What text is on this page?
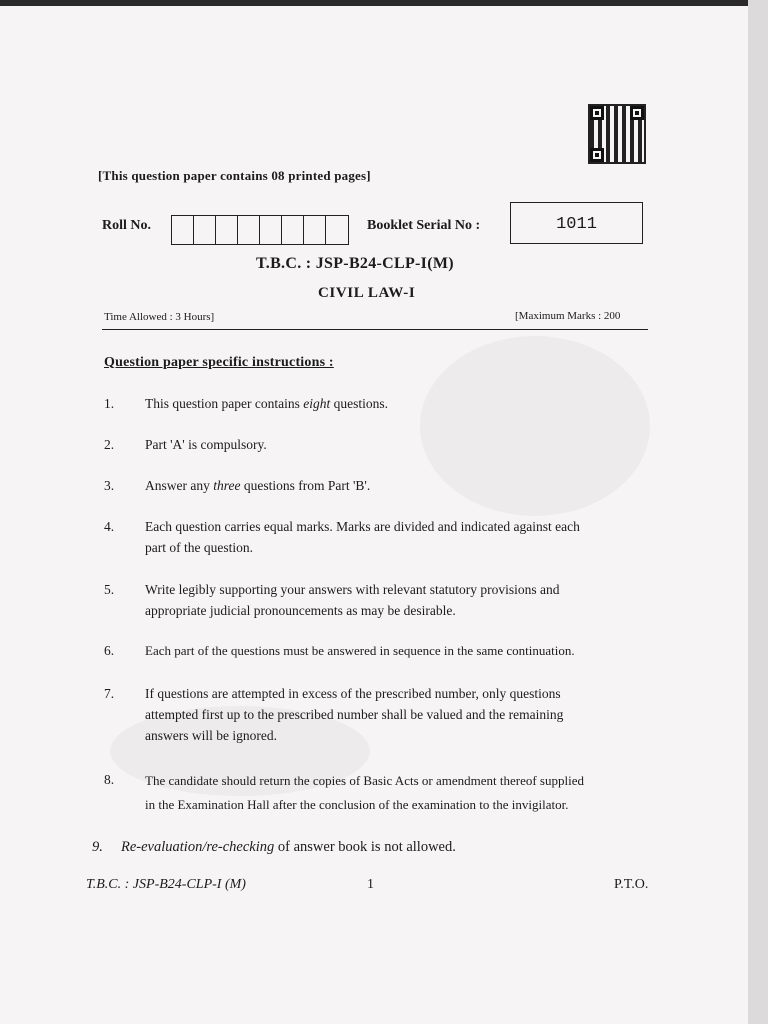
[This question paper contains 08 printed pages]
Roll No.	Booklet Serial No :	1011
T.B.C. : JSP-B24-CLP-I(M)
CIVIL LAW-I
Time Allowed : 3 Hours]	[Maximum Marks : 200
Question paper specific instructions :
1. This question paper contains eight questions.
2. Part 'A' is compulsory.
3. Answer any three questions from Part 'B'.
4. Each question carries equal marks. Marks are divided and indicated against each
part of the question.
5. Write legibly supporting your answers with relevant statutory provisions and
appropriate judicial pronouncements as may be desirable.
6. Each part of the questions must be answered in sequence in the same continuation.
7. If questions are attempted in excess of the prescribed number, only questions
attempted first up to the prescribed number shall be valued and the remaining
answers will be ignored.
8. The candidate should return the copies of Basic Acts or amendment thereof supplied
in the Examination Hall after the conclusion of the examination to the invigilator.
9. Re-evaluation/re-checking of answer book is not allowed.
T.B.C. : JSP-B24-CLP-I (M)	1	P.T.O.
